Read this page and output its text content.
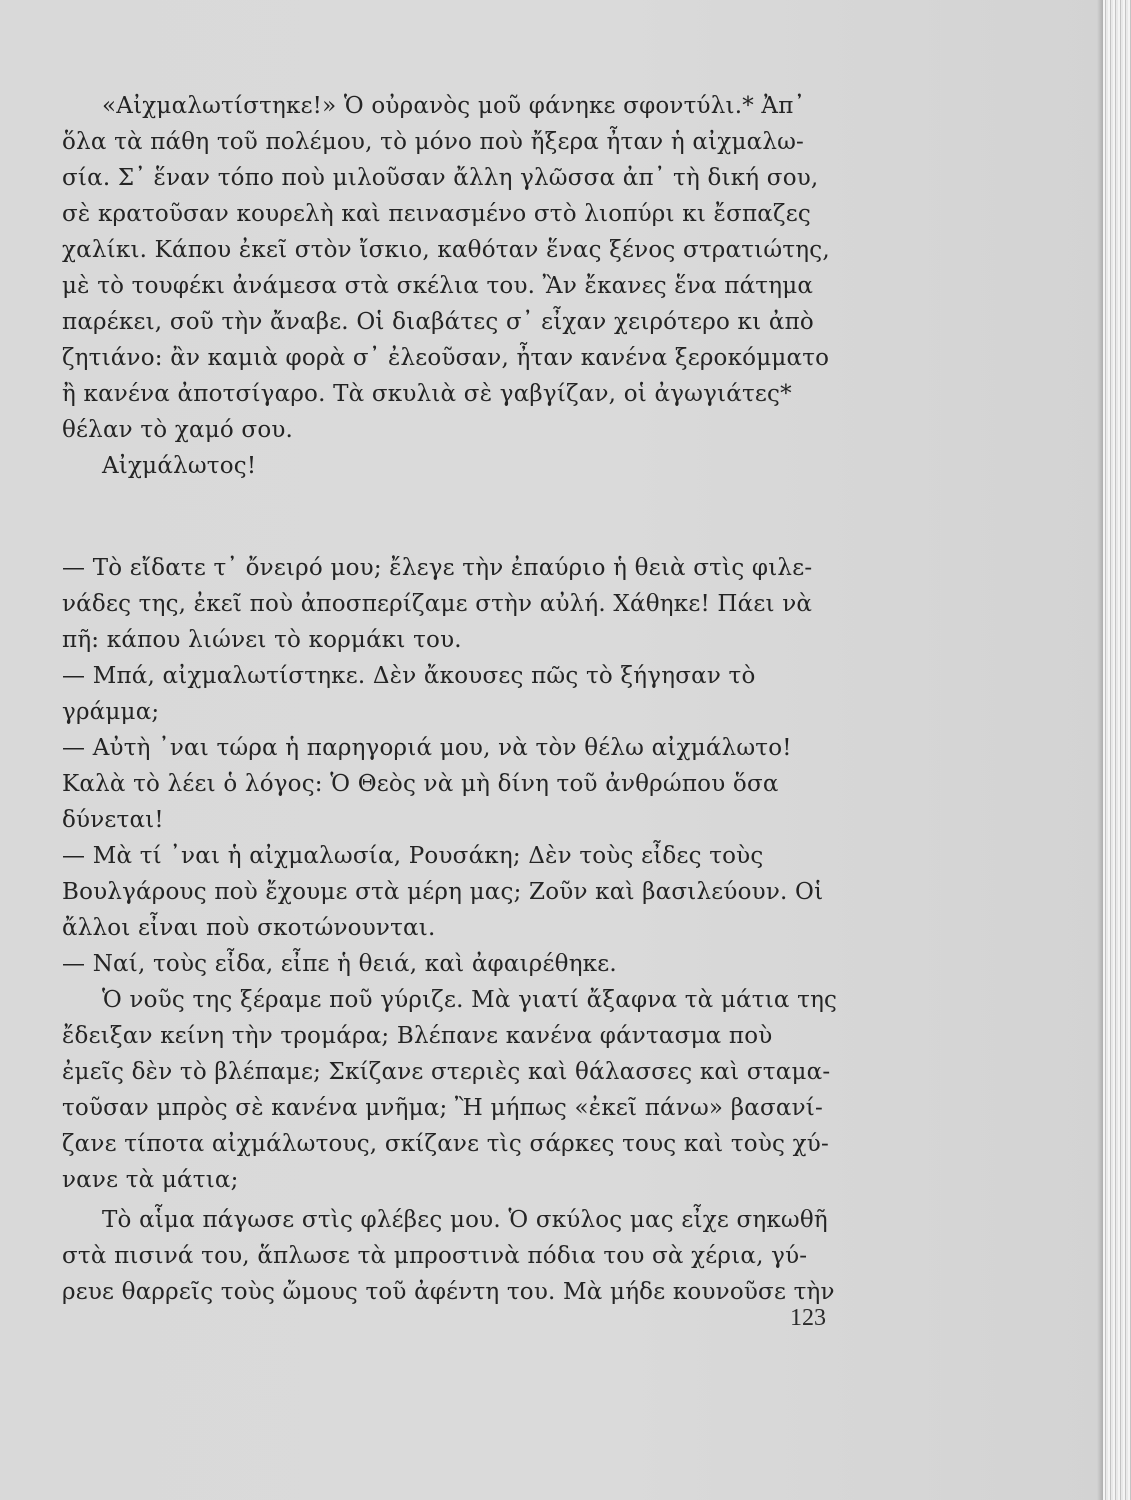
«Αἰχμαλωτίστηκε!» Ὁ οὐρανὸς μοῦ φάνηκε σφοντύλι.* Ἀπ᾿
ὅλα τὰ πάθη τοῦ πολέμου, τὸ μόνο ποὺ ἤξερα ἦταν ἡ αἰχμαλω-
σία. Σ᾿ ἕναν τόπο ποὺ μιλοῦσαν ἄλλη γλῶσσα ἀπ᾿ τὴ δική σου,
σὲ κρατοῦσαν κουρελὴ καὶ πεινασμένο στὸ λιοπύρι κι ἔσπαζες
χαλίκι. Κάπου ἐκεῖ στὸν ἴσκιο, καθόταν ἕνας ξένος στρατιώτης,
μὲ τὸ τουφέκι ἀνάμεσα στὰ σκέλια του. Ἂν ἔκανες ἕνα πάτημα
παρέκει, σοῦ τὴν ἄναβε. Οἱ διαβάτες σ᾿ εἶχαν χειρότερο κι ἀπὸ
ζητιάνο: ἂν καμιὰ φορὰ σ᾿ ἐλεοῦσαν, ἦταν κανένα ξεροκόμματο
ἢ κανένα ἀποτσίγαρο. Τὰ σκυλιὰ σὲ γαβγίζαν, οἱ ἀγωγιάτες*
θέλαν τὸ χαμό σου.
Αἰχμάλωτος!
— Τὸ εἴδατε τ᾿ ὄνειρό μου; ἔλεγε τὴν ἐπαύριο ἡ θειὰ στὶς φιλε-
νάδες της, ἐκεῖ ποὺ ἀποσπερίζαμε στὴν αὐλή. Χάθηκε! Πάει νὰ
πῆ: κάπου λιώνει τὸ κορμάκι του.
— Μπά, αἰχμαλωτίστηκε. Δὲν ἄκουσες πῶς τὸ ξήγησαν τὸ
γράμμα;
— Αὐτὴ ᾿ναι τώρα ἡ παρηγοριά μου, νὰ τὸν θέλω αἰχμάλωτο!
Καλὰ τὸ λέει ὁ λόγος: Ὁ Θεὸς νὰ μὴ δίνη τοῦ ἀνθρώπου ὅσα
δύνεται!
— Μὰ τί ᾿ναι ἡ αἰχμαλωσία, Ρουσάκη; Δὲν τοὺς εἶδες τοὺς
Βουλγάρους ποὺ ἔχουμε στὰ μέρη μας; Ζοῦν καὶ βασιλεύουν. Οἱ
ἄλλοι εἶναι ποὺ σκοτώνουνται.
— Ναί, τοὺς εἶδα, εἶπε ἡ θειά, καὶ ἀφαιρέθηκε.
Ὁ νοῦς της ξέραμε ποῦ γύριζε. Μὰ γιατί ἄξαφνα τὰ μάτια της
ἔδειξαν κείνη τὴν τρομάρα; Βλέπανε κανένα φάντασμα ποὺ
ἐμεῖς δὲν τὸ βλέπαμε; Σκίζανε στεριὲς καὶ θάλασσες καὶ σταμα-
τοῦσαν μπρὸς σὲ κανένα μνῆμα; Ἢ μήπως «ἐκεῖ πάνω» βασανί-
ζανε τίποτα αἰχμάλωτους, σκίζανε τὶς σάρκες τους καὶ τοὺς χύ-
νανε τὰ μάτια;
Τὸ αἷμα πάγωσε στὶς φλέβες μου. Ὁ σκύλος μας εἶχε σηκωθῆ
στὰ πισινά του, ἅπλωσε τὰ μπροστινὰ πόδια του σὰ χέρια, γύ-
ρευε θαρρεῖς τοὺς ὤμους τοῦ ἀφέντη του. Μὰ μήδε κουνοῦσε τὴν
123
